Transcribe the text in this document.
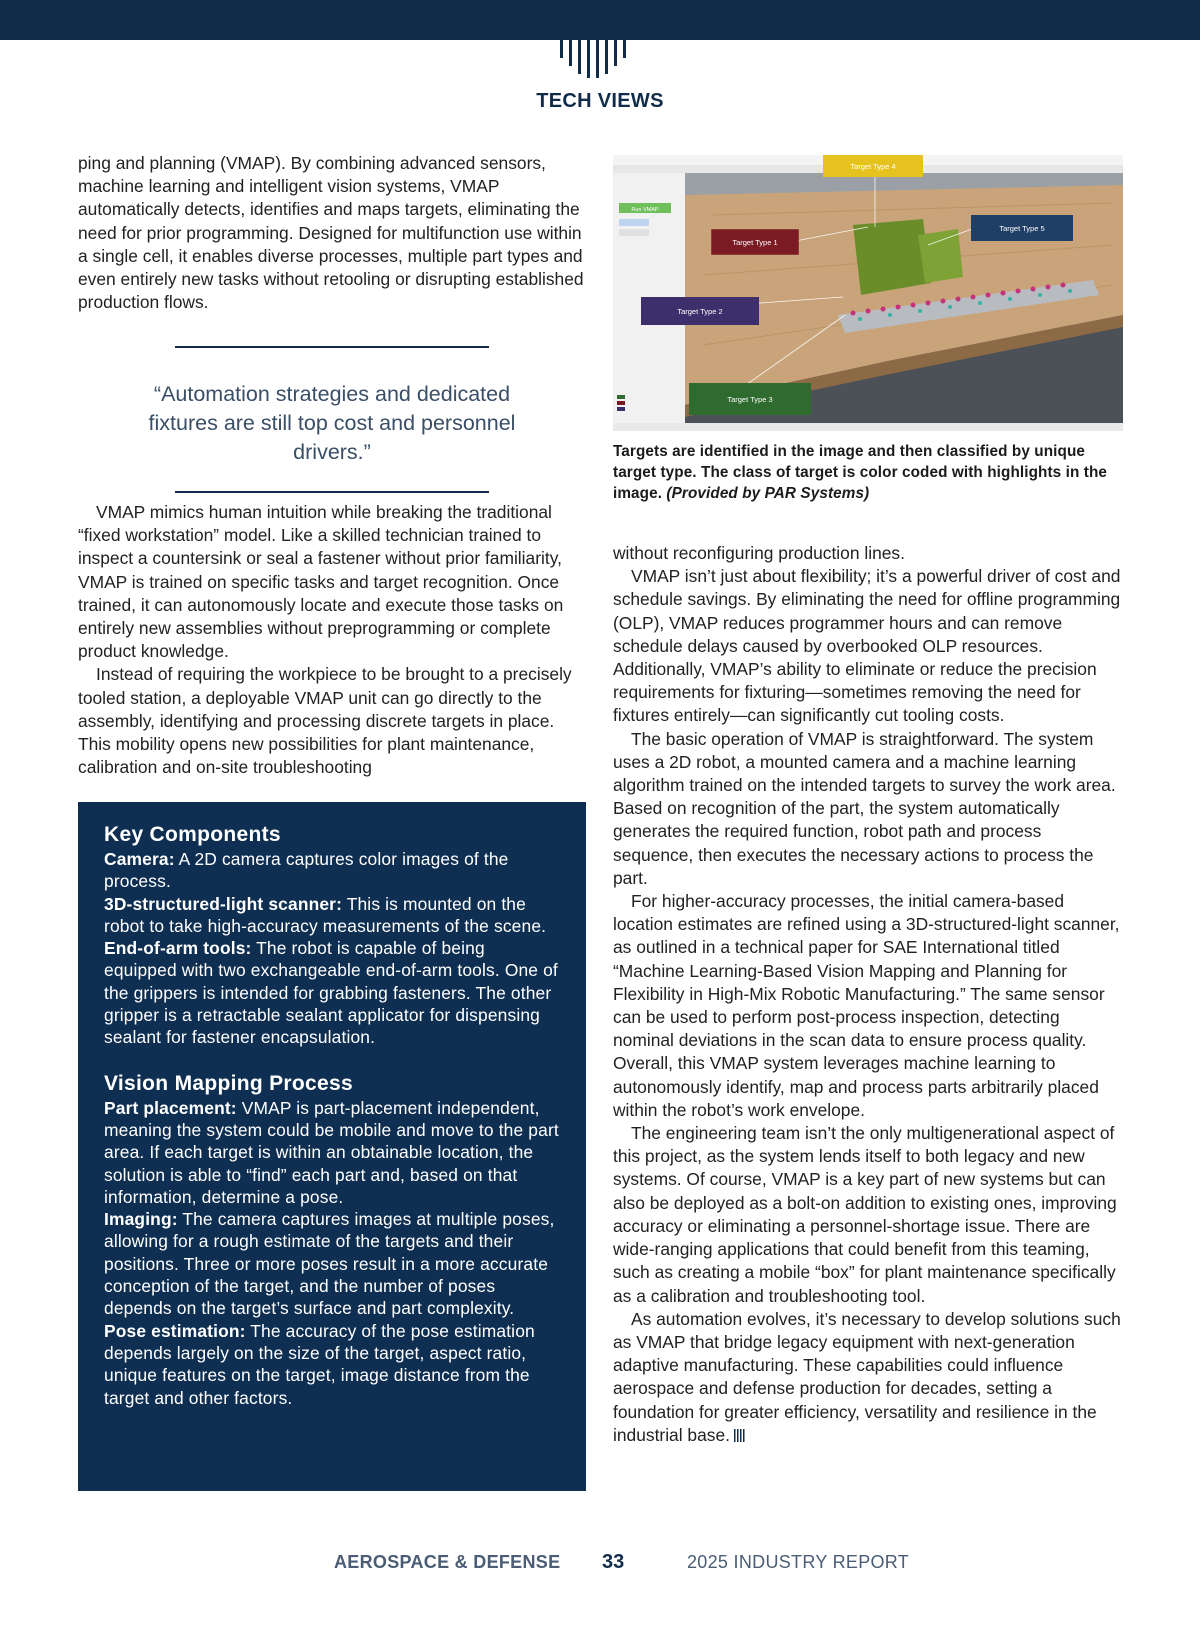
TECH VIEWS

ping and planning (VMAP). By combining advanced sensors, machine learning and intelligent vision systems, VMAP automatically detects, identifies and maps targets, eliminating the need for prior programming. Designed for multifunction use within a single cell, it enables diverse processes, multiple part types and even entirely new tasks without retooling or disrupting established production flows.

“Automation strategies and dedicated fixtures are still top cost and personnel drivers.”

VMAP mimics human intuition while breaking the traditional “fixed workstation” model. Like a skilled technician trained to inspect a countersink or seal a fastener without prior familiarity, VMAP is trained on specific tasks and target recognition. Once trained, it can autonomously locate and execute those tasks on entirely new assemblies without preprogramming or complete product knowledge.

Instead of requiring the workpiece to be brought to a precisely tooled station, a deployable VMAP unit can go directly to the assembly, identifying and processing discrete targets in place. This mobility opens new possibilities for plant maintenance, calibration and on-site troubleshooting

Key Components
Camera: A 2D camera captures color images of the process.
3D-structured-light scanner: This is mounted on the robot to take high-accuracy measurements of the scene.
End-of-arm tools: The robot is capable of being equipped with two exchangeable end-of-arm tools. One of the grippers is intended for grabbing fasteners. The other gripper is a retractable sealant applicator for dispensing sealant for fastener encapsulation.
Vision Mapping Process
Part placement: VMAP is part-placement independent, meaning the system could be mobile and move to the part area. If each target is within an obtainable location, the solution is able to “find” each part and, based on that information, determine a pose.
Imaging: The camera captures images at multiple poses, allowing for a rough estimate of the targets and their positions. Three or more poses result in a more accurate conception of the target, and the number of poses depends on the target’s surface and part complexity.
Pose estimation: The accuracy of the pose estimation depends largely on the size of the target, aspect ratio, unique features on the target, image distance from the target and other factors.
Run VMAP
Target Type 4
Target Type 1
Target Type 5
Target Type 2
Target Type 3
Targets are identified in the image and then classified by unique target type. The class of target is color coded with highlights in the image. (Provided by PAR Systems)

without reconfiguring production lines.

VMAP isn’t just about flexibility; it’s a powerful driver of cost and schedule savings. By eliminating the need for offline programming (OLP), VMAP reduces programmer hours and can remove schedule delays caused by overbooked OLP resources. Additionally, VMAP’s ability to eliminate or reduce the precision requirements for fixturing—sometimes removing the need for fixtures entirely—can significantly cut tooling costs.

The basic operation of VMAP is straightforward. The system uses a 2D robot, a mounted camera and a machine learning algorithm trained on the intended targets to survey the work area. Based on recognition of the part, the system automatically generates the required function, robot path and process sequence, then executes the necessary actions to process the part.

For higher-accuracy processes, the initial camera-based location estimates are refined using a 3D-structured-light scanner, as outlined in a technical paper for SAE International titled “Machine Learning-Based Vision Mapping and Planning for Flexibility in High-Mix Robotic Manufacturing.” The same sensor can be used to perform post-process inspection, detecting nominal deviations in the scan data to ensure process quality. Overall, this VMAP system leverages machine learning to autonomously identify, map and process parts arbitrarily placed within the robot’s work envelope.

The engineering team isn’t the only multigenerational aspect of this project, as the system lends itself to both legacy and new systems. Of course, VMAP is a key part of new systems but can also be deployed as a bolt-on addition to existing ones, improving accuracy or eliminating a personnel-shortage issue. There are wide-ranging applications that could benefit from this teaming, such as creating a mobile “box” for plant maintenance specifically as a calibration and troubleshooting tool.

As automation evolves, it’s necessary to develop solutions such as VMAP that bridge legacy equipment with next-generation adaptive manufacturing. These capabilities could influence aerospace and defense production for decades, setting a foundation for greater efficiency, versatility and resilience in the industrial base.

AEROSPACE & DEFENSE 33	2025 INDUSTRY REPORT
